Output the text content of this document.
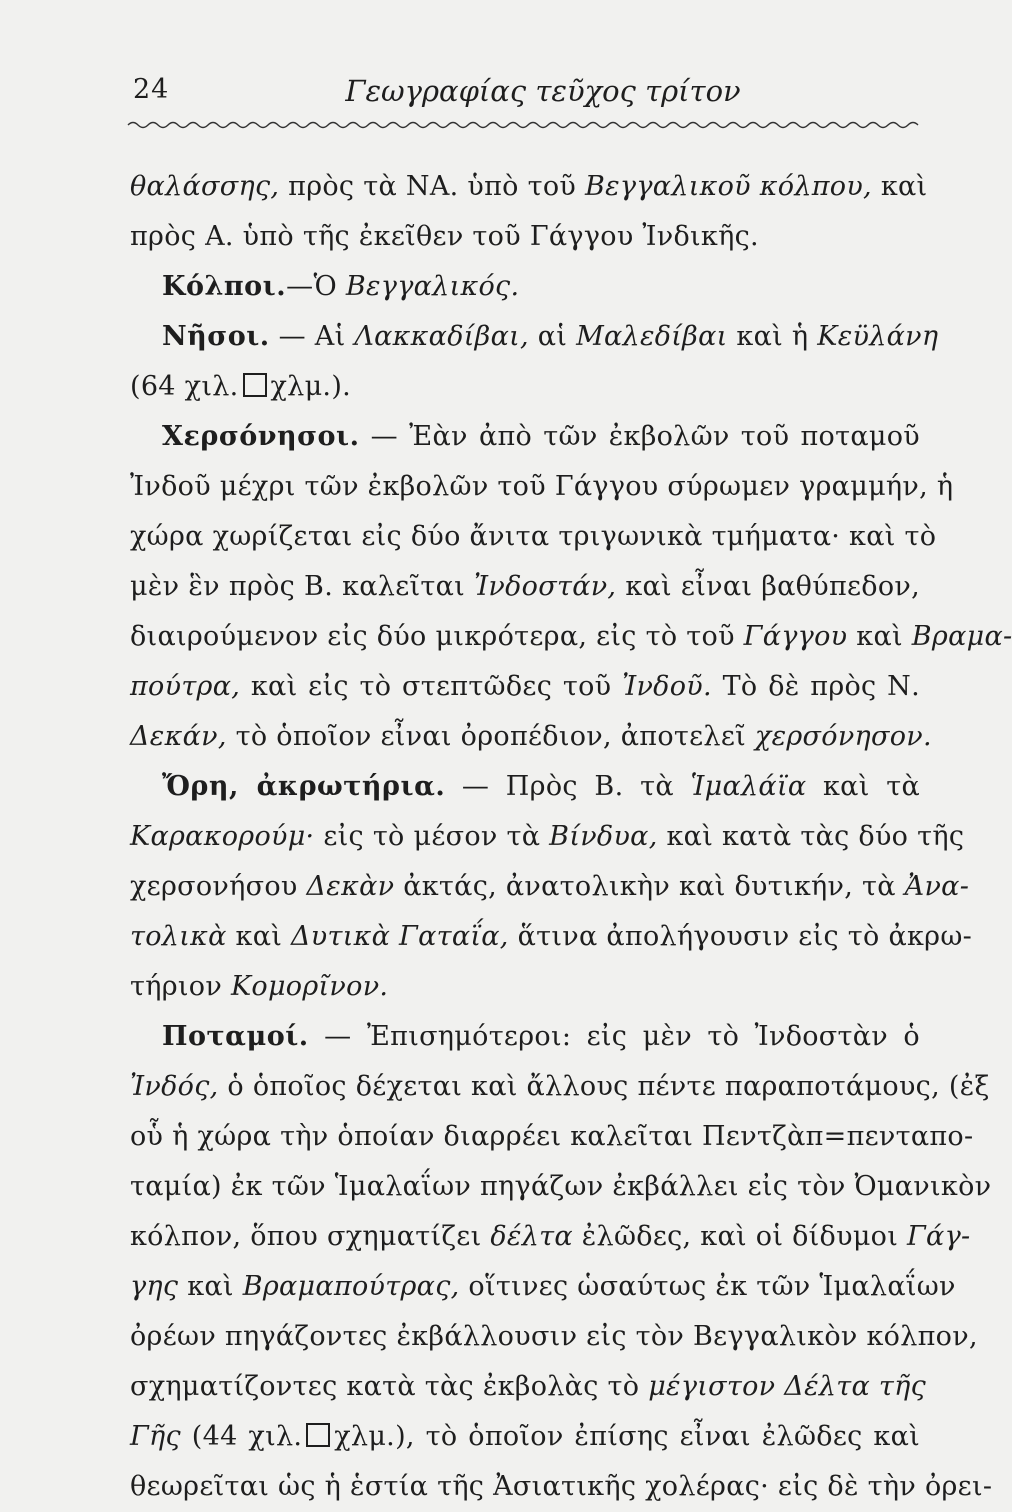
24	Γεωγραφίας τεῦχος τρίτον
θαλάσσης, πρὸς τὰ ΝΑ. ὑπὸ τοῦ Βεγγαλικοῦ κόλπου, καὶ
πρὸς Α. ὑπὸ τῆς ἐκεῖθεν τοῦ Γάγγου Ἰνδικῆς.
Κόλποι.—Ὁ Βεγγαλικός.
Νῆσοι. — Αἱ Λακκαδίβαι, αἱ Μαλεδίβαι καὶ ἡ Κεϋλάνη
(64 χιλ. χλμ.).
Χερσόνησοι. — Ἐὰν ἀπὸ τῶν ἐκβολῶν τοῦ ποταμοῦ
Ἰνδοῦ μέχρι τῶν ἐκβολῶν τοῦ Γάγγου σύρωμεν γραμμήν, ἡ
χώρα χωρίζεται εἰς δύο ἄνιτα τριγωνικὰ τμήματα· καὶ τὸ
μὲν ἓν πρὸς Β. καλεῖται Ἰνδοστάν, καὶ εἶναι βαθύπεδον,
διαιρούμενον εἰς δύο μικρότερα, εἰς τὸ τοῦ Γάγγου καὶ Βραμα-
πούτρα, καὶ εἰς τὸ στεπτῶδες τοῦ Ἰνδοῦ. Τὸ δὲ πρὸς Ν.
Δεκάν, τὸ ὁποῖον εἶναι ὀροπέδιον, ἀποτελεῖ χερσόνησον.
Ὄρη, ἀκρωτήρια. — Πρὸς Β. τὰ Ἱμαλάϊα καὶ τὰ
Καρακορούμ· εἰς τὸ μέσον τὰ Βίνδυα, καὶ κατὰ τὰς δύο τῆς
χερσονήσου Δεκὰν ἀκτάς, ἀνατολικὴν καὶ δυτικήν, τὰ Ἀνα-
τολικὰ καὶ Δυτικὰ Γαταΐα, ἅτινα ἀπολήγουσιν εἰς τὸ ἀκρω-
τήριον Κομορῖνον.
Ποταμοί. — Ἐπισημότεροι: εἰς μὲν τὸ Ἰνδοστὰν ὁ
Ἰνδός, ὁ ὁποῖος δέχεται καὶ ἄλλους πέντε παραποτάμους, (ἐξ
οὗ ἡ χώρα τὴν ὁποίαν διαρρέει καλεῖται Πεντζὰπ=πενταπο-
ταμία) ἐκ τῶν Ἱμαλαΐων πηγάζων ἐκβάλλει εἰς τὸν Ὀμανικὸν
κόλπον, ὅπου σχηματίζει δέλτα ἐλῶδες, καὶ οἱ δίδυμοι Γάγ-
γης καὶ Βραμαπούτρας, οἵτινες ὡσαύτως ἐκ τῶν Ἱμαλαΐων
ὀρέων πηγάζοντες ἐκβάλλουσιν εἰς τὸν Βεγγαλικὸν κόλπον,
σχηματίζοντες κατὰ τὰς ἐκβολὰς τὸ μέγιστον Δέλτα τῆς
Γῆς (44 χιλ. χλμ.), τὸ ὁποῖον ἐπίσης εἶναι ἐλῶδες καὶ
θεωρεῖται ὡς ἡ ἑστία τῆς Ἀσιατικῆς χολέρας· εἰς δὲ τὴν ὀρει-
